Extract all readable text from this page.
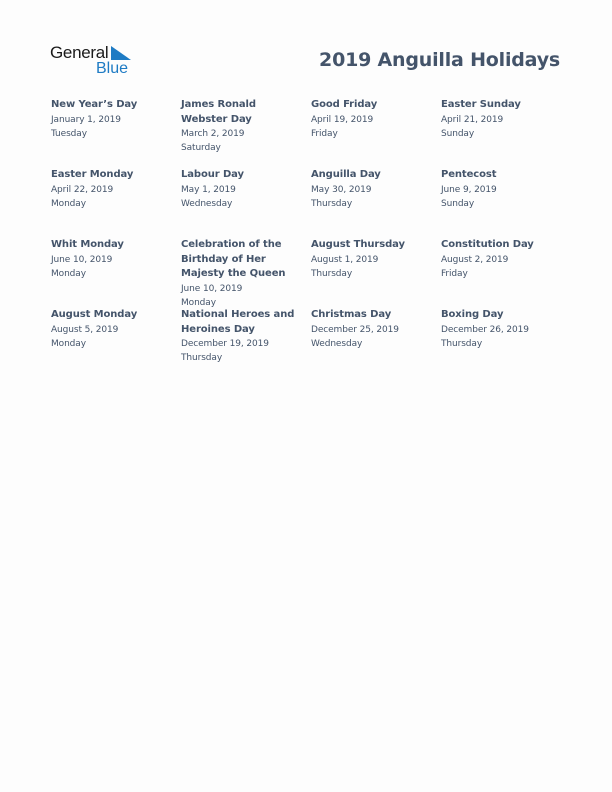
General
Blue	2019 Anguilla Holidays
New Year’s Day
January 1, 2019
Tuesday
James Ronald Webster Day
March 2, 2019
Saturday
Good Friday
April 19, 2019
Friday
Easter Sunday
April 21, 2019
Sunday
Easter Monday
April 22, 2019
Monday
Labour Day
May 1, 2019
Wednesday
Anguilla Day
May 30, 2019
Thursday
Pentecost
June 9, 2019
Sunday
Whit Monday
June 10, 2019
Monday
Celebration of the Birthday of Her Majesty the Queen
June 10, 2019
Monday
August Thursday
August 1, 2019
Thursday
Constitution Day
August 2, 2019
Friday
August Monday
August 5, 2019
Monday
National Heroes and Heroines Day
December 19, 2019
Thursday
Christmas Day
December 25, 2019
Wednesday
Boxing Day
December 26, 2019
Thursday
